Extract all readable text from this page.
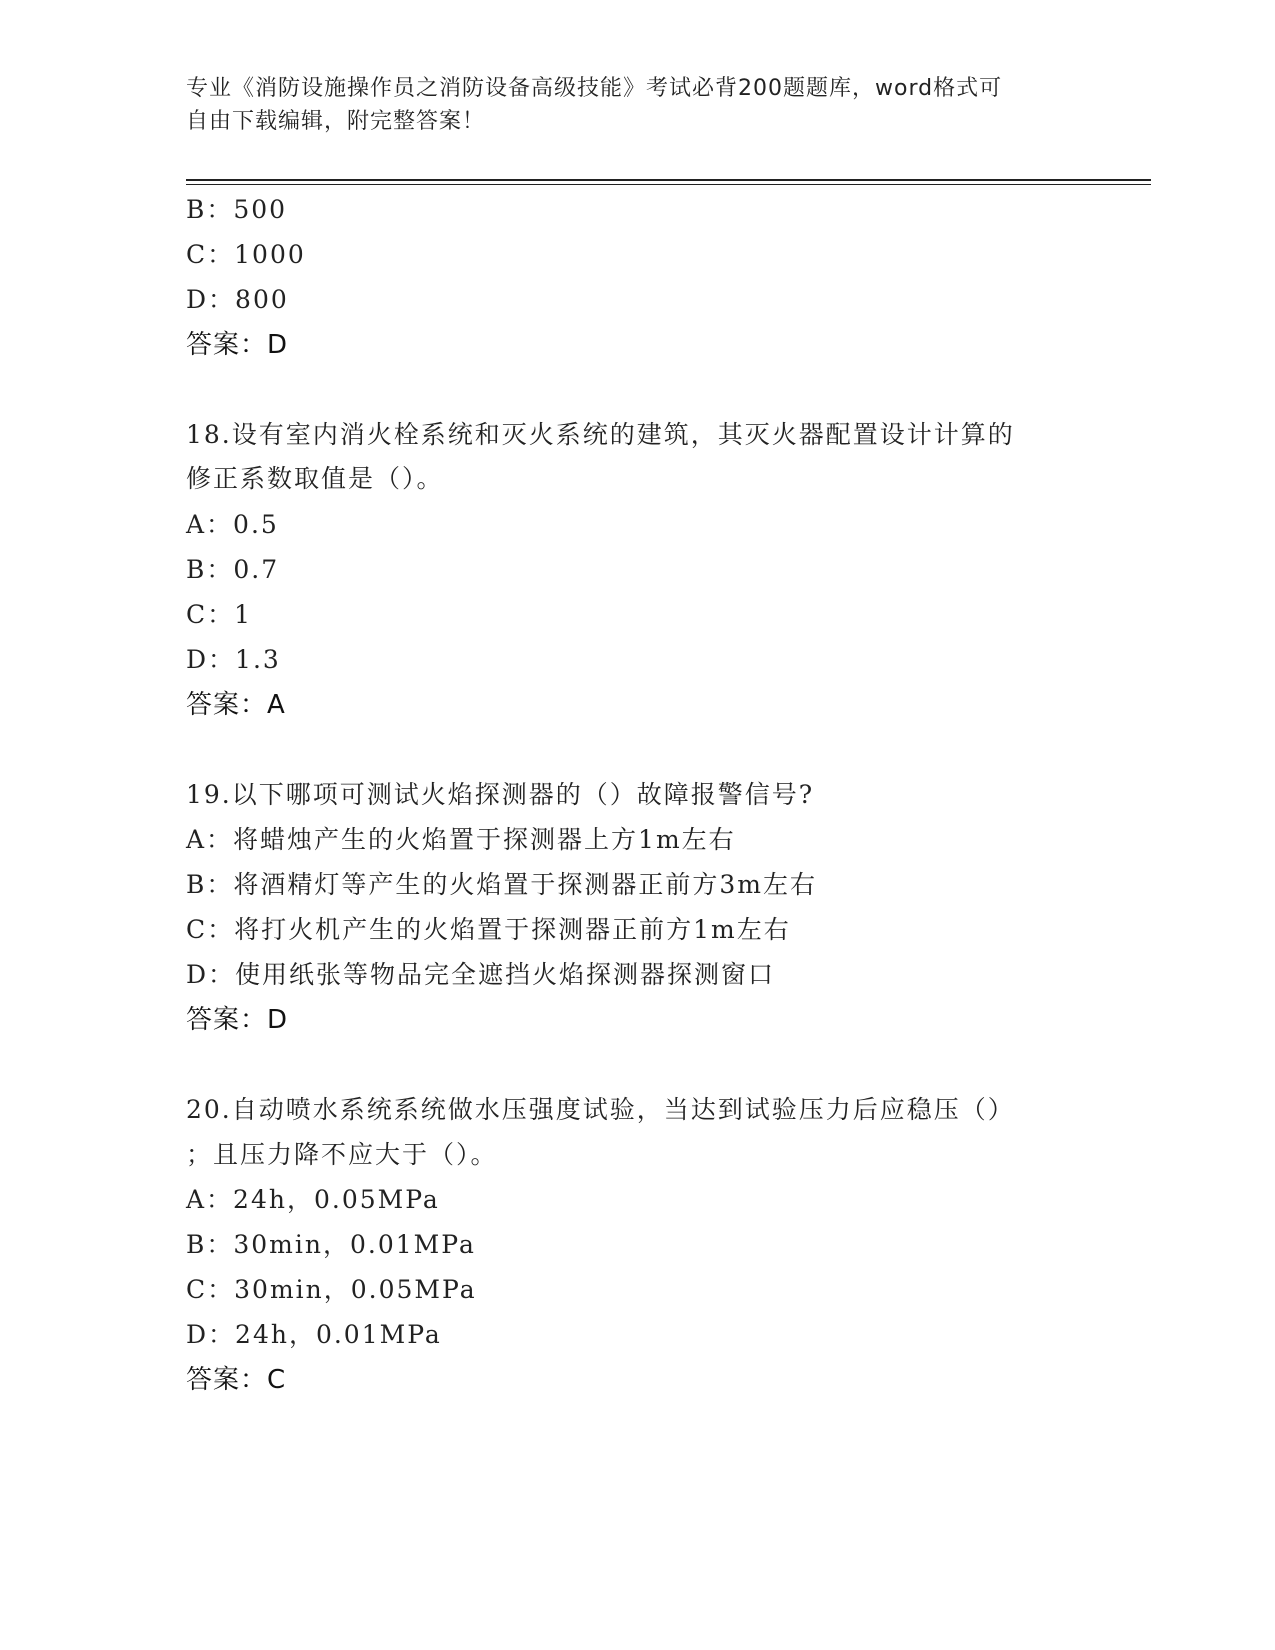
专业《消防设施操作员之消防设备高级技能》考试必背200题题库，word格式可
自由下载编辑，附完整答案！
B：500
C：1000
D：800
答案：D
18.设有室内消火栓系统和灭火系统的建筑，其灭火器配置设计计算的
修正系数取值是（）。
A：0.5
B：0.7
C：1
D：1.3
答案：A
19.以下哪项可测试火焰探测器的（）故障报警信号?
A：将蜡烛产生的火焰置于探测器上方1m左右
B：将酒精灯等产生的火焰置于探测器正前方3m左右
C：将打火机产生的火焰置于探测器正前方1m左右
D：使用纸张等物品完全遮挡火焰探测器探测窗口
答案：D
20.自动喷水系统系统做水压强度试验，当达到试验压力后应稳压（）
；且压力降不应大于（）。
A：24h，0.05MPa
B：30min，0.01MPa
C：30min，0.05MPa
D：24h，0.01MPa
答案：C
